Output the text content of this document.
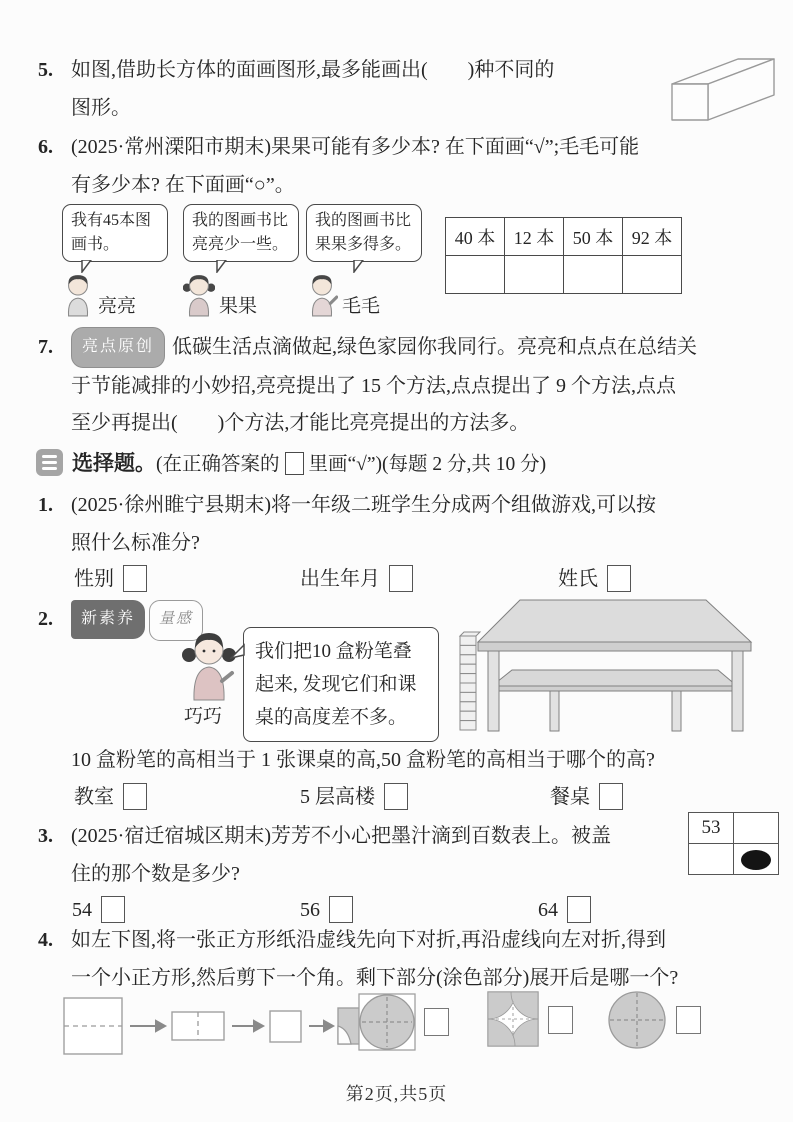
5. 如图,借助长方体的面画图形,最多能画出(　　)种不同的
图形。
6. (2025·常州溧阳市期末)果果可能有多少本? 在下面画“√”;毛毛可能
有多少本? 在下面画“○”。
我有45本图画书。
亮亮
我的图画书比亮亮少一些。
果果
我的图画书比果果多得多。
毛毛
40 本	12 本	50 本	92 本

7. 亮点原创 低碳生活点滴做起,绿色家园你我同行。亮亮和点点在总结关
于节能减排的小妙招,亮亮提出了 15 个方法,点点提出了 9 个方法,点点
至少再提出(　　)个方法,才能比亮亮提出的方法多。
选择题。 (在正确答案的 里画“√”)(每题 2 分,共 10 分)
1. (2025·徐州睢宁县期末)将一年级二班学生分成两个组做游戏,可以按
照什么标准分?
性别	出生年月	姓氏
2. 新素养 量感
巧巧
我们把10 盒粉笔叠起来, 发现它们和课桌的高度差不多。
10 盒粉笔的高相当于 1 张课桌的高,50 盒粉笔的高相当于哪个的高?
教室	5 层高楼	餐桌
3. (2025·宿迁宿城区期末)芳芳不小心把墨汁滴到百数表上。被盖
住的那个数是多少?
54	56	64
53	

4. 如左下图,将一张正方形纸沿虚线先向下对折,再沿虚线向左对折,得到
一个小正方形,然后剪下一个角。剩下部分(涂色部分)展开后是哪一个?
第2页,共5页
